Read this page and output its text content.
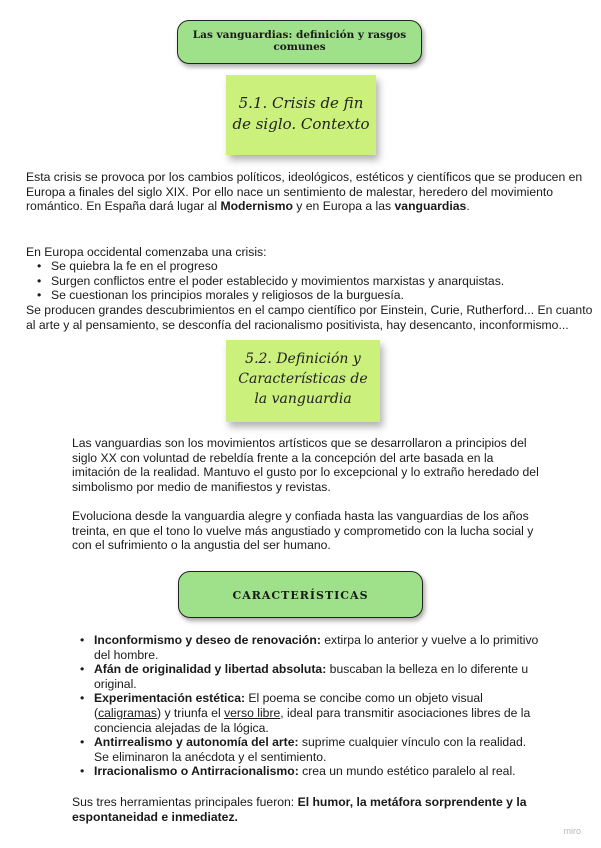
Las vanguardias: definición y rasgos comunes
5.1. Crisis de fin
de siglo. Contexto
Esta crisis se provoca por los cambios políticos, ideológicos, estéticos y científicos que se producen en Europa a finales del siglo XIX. Por ello nace un sentimiento de malestar, heredero del movimiento romántico. En España dará lugar al Modernismo y en Europa a las vanguardias.
En Europa occidental comenzaba una crisis:
• Se quiebra la fe en el progreso
• Surgen conflictos entre el poder establecido y movimientos marxistas y anarquistas.
• Se cuestionan los principios morales y religiosos de la burguesía.
Se producen grandes descubrimientos en el campo científico por Einstein, Curie, Rutherford... En cuanto al arte y al pensamiento, se desconfía del racionalismo positivista, hay desencanto, inconformismo...
5.2. Definición y
Características de
la vanguardia
Las vanguardias son los movimientos artísticos que se desarrollaron a principios del siglo XX con voluntad de rebeldía frente a la concepción del arte basada en la imitación de la realidad. Mantuvo el gusto por lo excepcional y lo extraño heredado del simbolismo por medio de manifiestos y revistas.
Evoluciona desde la vanguardia alegre y confiada hasta las vanguardias de los años treinta, en que el tono lo vuelve más angustiado y comprometido con la lucha social y con el sufrimiento o la angustia del ser humano.
CARACTERÍSTICAS
• Inconformismo y deseo de renovación: extirpa lo anterior y vuelve a lo primitivo del hombre.
• Afán de originalidad y libertad absoluta: buscaban la belleza en lo diferente u original.
• Experimentación estética: El poema se concibe como un objeto visual (caligramas) y triunfa el verso libre, ideal para transmitir asociaciones libres de la conciencia alejadas de la lógica.
• Antirrealismo y autonomía del arte: suprime cualquier vínculo con la realidad. Se eliminaron la anécdota y el sentimiento.
• Irracionalismo o Antirracionalismo: crea un mundo estético paralelo al real.
Sus tres herramientas principales fueron: El humor, la metáfora sorprendente y la espontaneidad e inmediatez.
miro
